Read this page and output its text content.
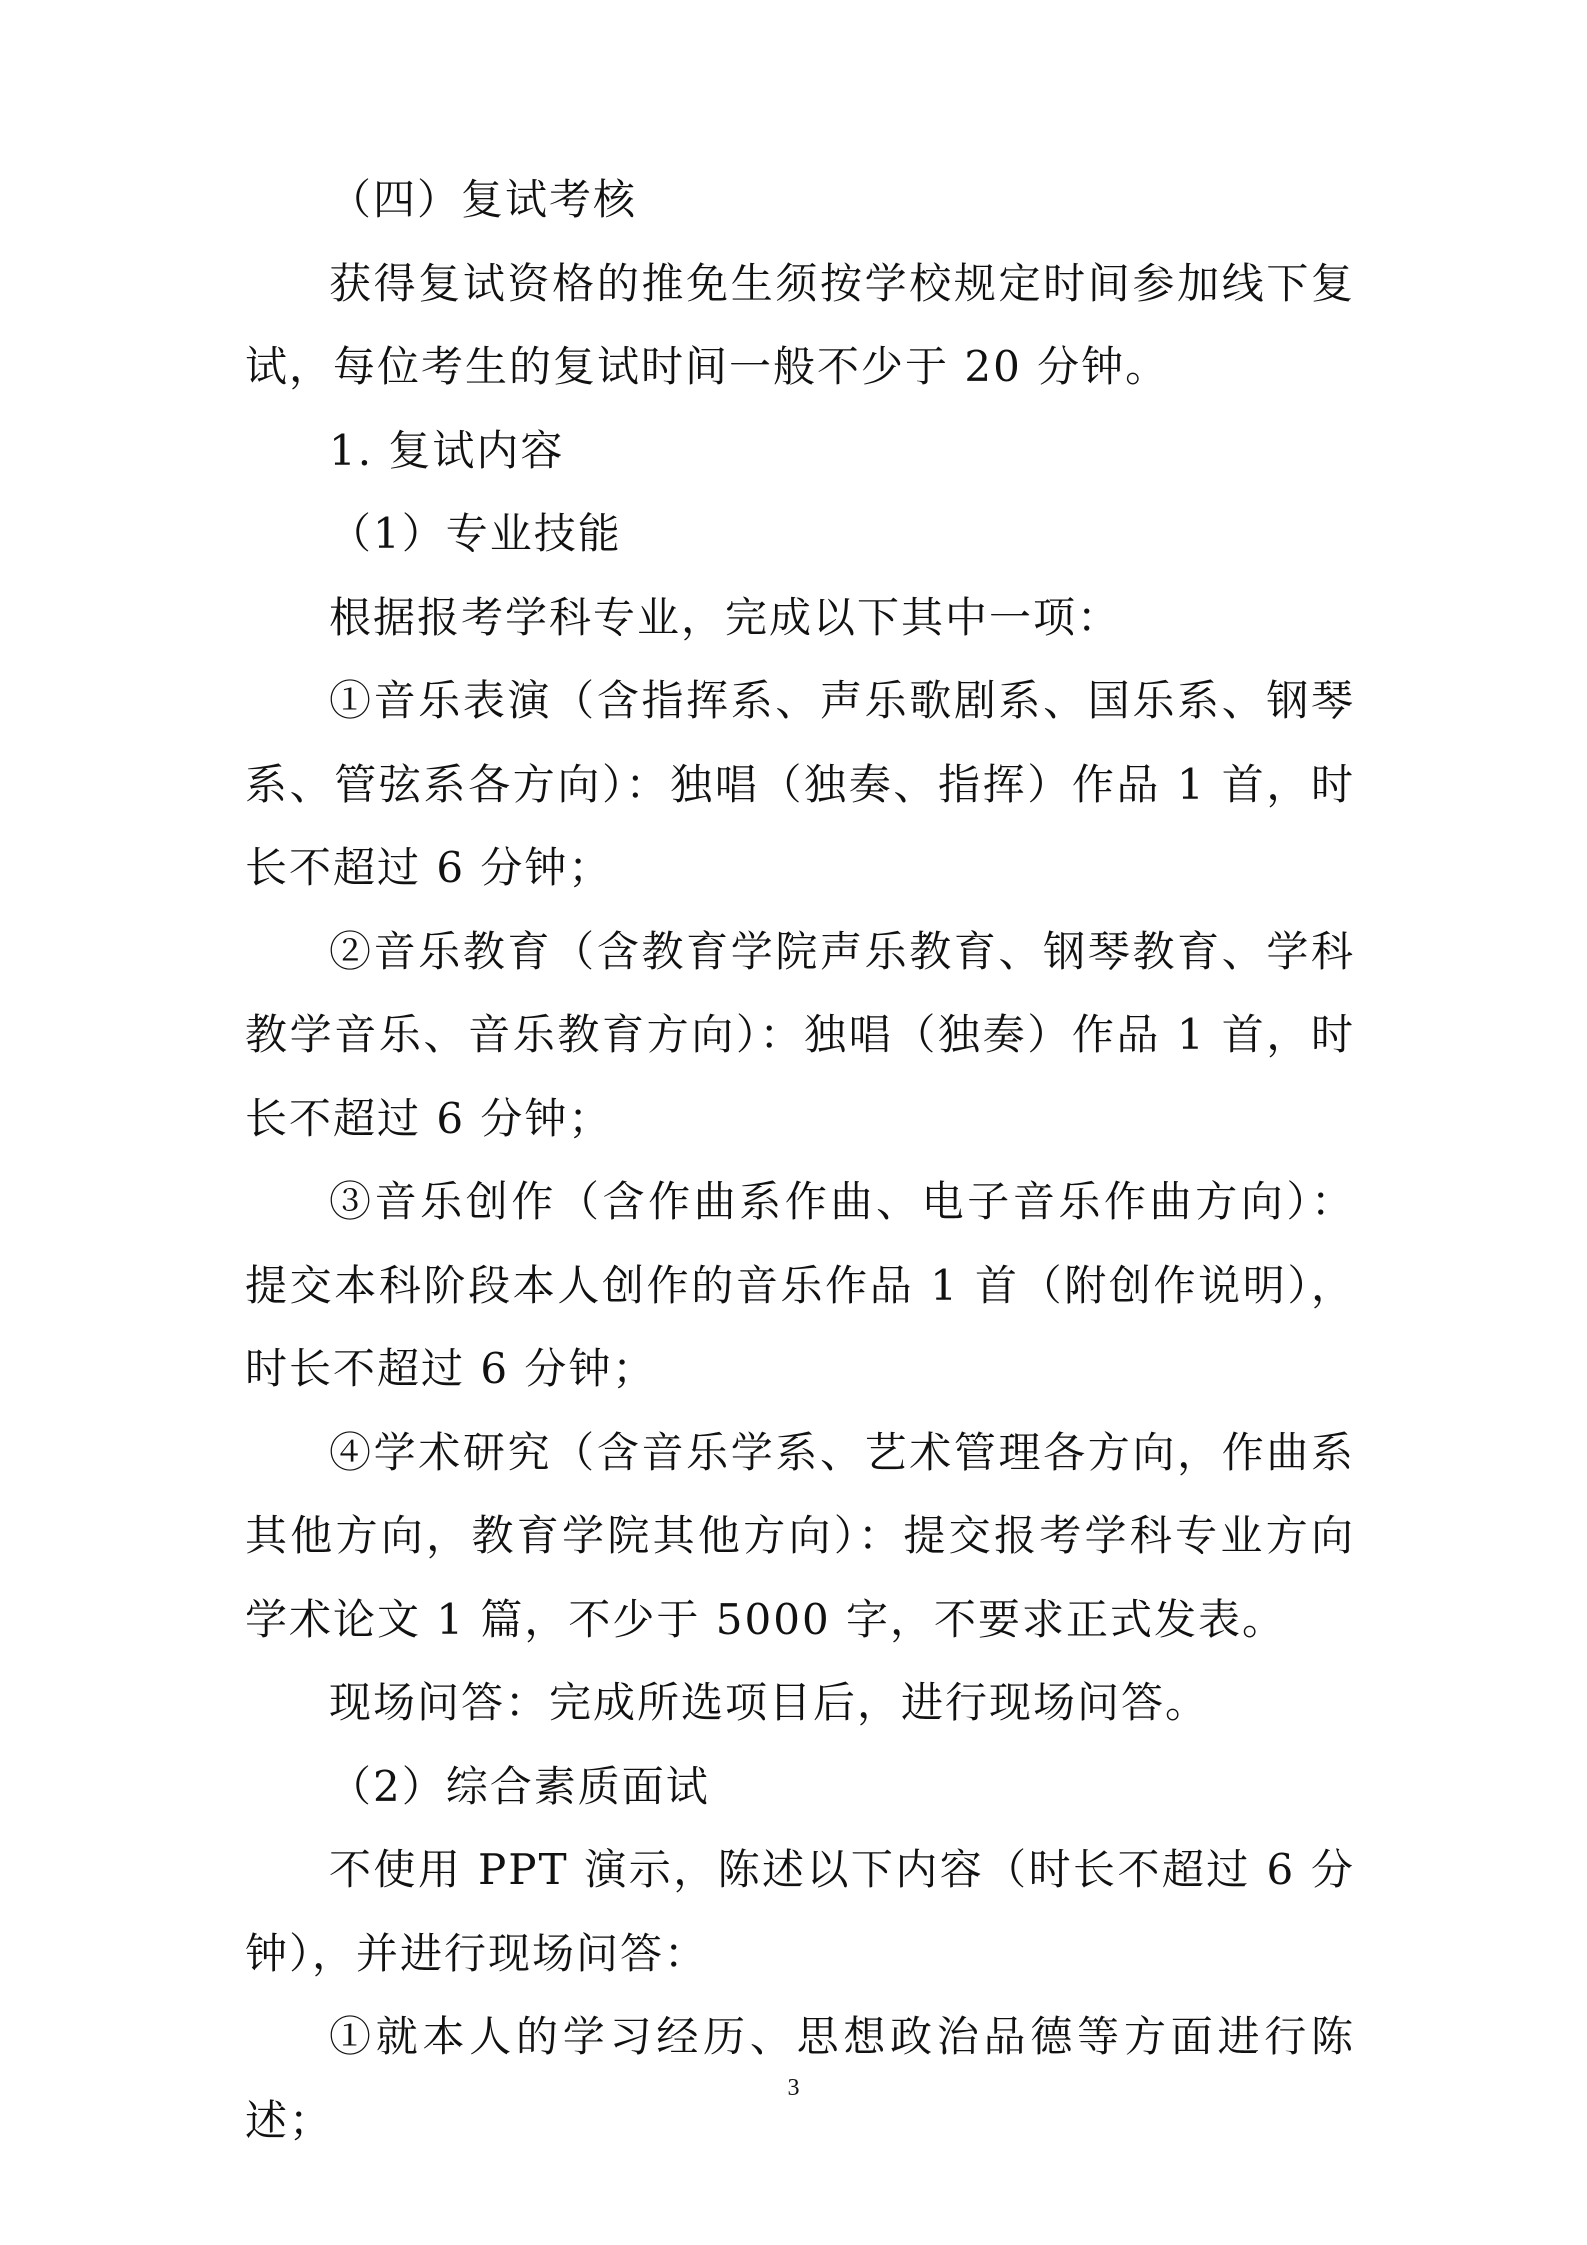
（四）复试考核

获得复试资格的推免生须按学校规定时间参加线下复试，每位考生的复试时间一般不少于 20 分钟。

1. 复试内容

（1）专业技能

根据报考学科专业，完成以下其中一项：

①音乐表演（含指挥系、声乐歌剧系、国乐系、钢琴系、管弦系各方向）：独唱（独奏、指挥）作品 1 首，时长不超过 6 分钟；

②音乐教育（含教育学院声乐教育、钢琴教育、学科教学音乐、音乐教育方向）：独唱（独奏）作品 1 首，时长不超过 6 分钟；

③音乐创作（含作曲系作曲、电子音乐作曲方向）：提交本科阶段本人创作的音乐作品 1 首（附创作说明），时长不超过 6 分钟；

④学术研究（含音乐学系、艺术管理各方向，作曲系其他方向，教育学院其他方向）：提交报考学科专业方向学术论文 1 篇，不少于 5000 字，不要求正式发表。

现场问答：完成所选项目后，进行现场问答。

（2）综合素质面试

不使用 PPT 演示，陈述以下内容（时长不超过 6 分钟），并进行现场问答：

①就本人的学习经历、思想政治品德等方面进行陈述；

3
